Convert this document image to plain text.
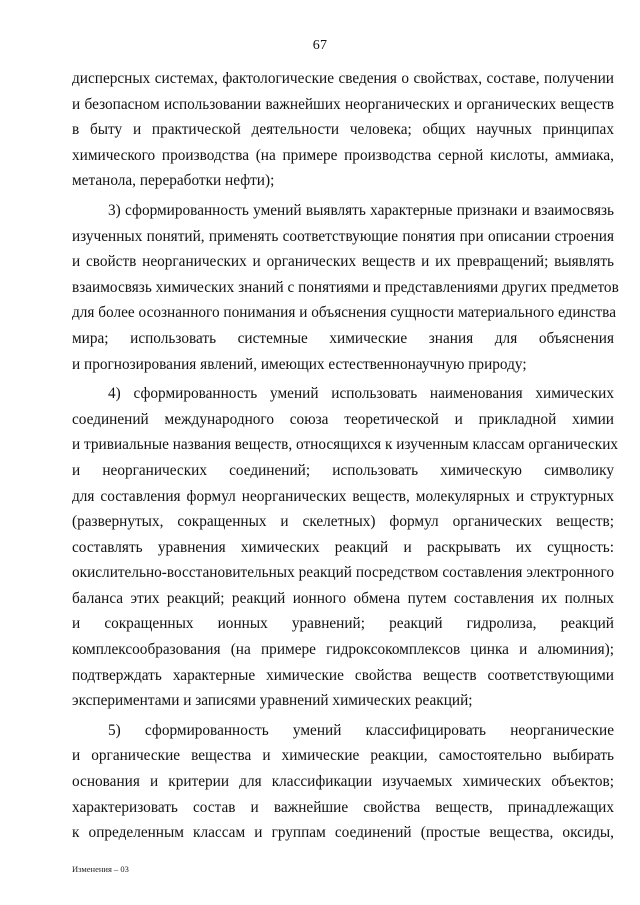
67
дисперсных системах, фактологические сведения о свойствах, составе, получении
и безопасном использовании важнейших неорганических и органических веществ
в быту и практической деятельности человека; общих научных принципах
химического производства (на примере производства серной кислоты, аммиака,
метанола, переработки нефти);
3) сформированность умений выявлять характерные признаки и взаимосвязь
изученных понятий, применять соответствующие понятия при описании строения
и свойств неорганических и органических веществ и их превращений; выявлять
взаимосвязь химических знаний с понятиями и представлениями других предметов
для более осознанного понимания и объяснения сущности материального единства
мира; использовать системные химические знания для объяснения
и прогнозирования явлений, имеющих естественнонаучную природу;
4) сформированность умений использовать наименования химических
соединений международного союза теоретической и прикладной химии
и тривиальные названия веществ, относящихся к изученным классам органических
и неорганических соединений; использовать химическую символику
для составления формул неорганических веществ, молекулярных и структурных
(развернутых, сокращенных и скелетных) формул органических веществ;
составлять уравнения химических реакций и раскрывать их сущность:
окислительно-восстановительных реакций посредством составления электронного
баланса этих реакций; реакций ионного обмена путем составления их полных
и сокращенных ионных уравнений; реакций гидролиза, реакций
комплексообразования (на примере гидроксокомплексов цинка и алюминия);
подтверждать характерные химические свойства веществ соответствующими
экспериментами и записями уравнений химических реакций;
5) сформированность умений классифицировать неорганические
и органические вещества и химические реакции, самостоятельно выбирать
основания и критерии для классификации изучаемых химических объектов;
характеризовать состав и важнейшие свойства веществ, принадлежащих
к определенным классам и группам соединений (простые вещества, оксиды,
Изменения – 03
